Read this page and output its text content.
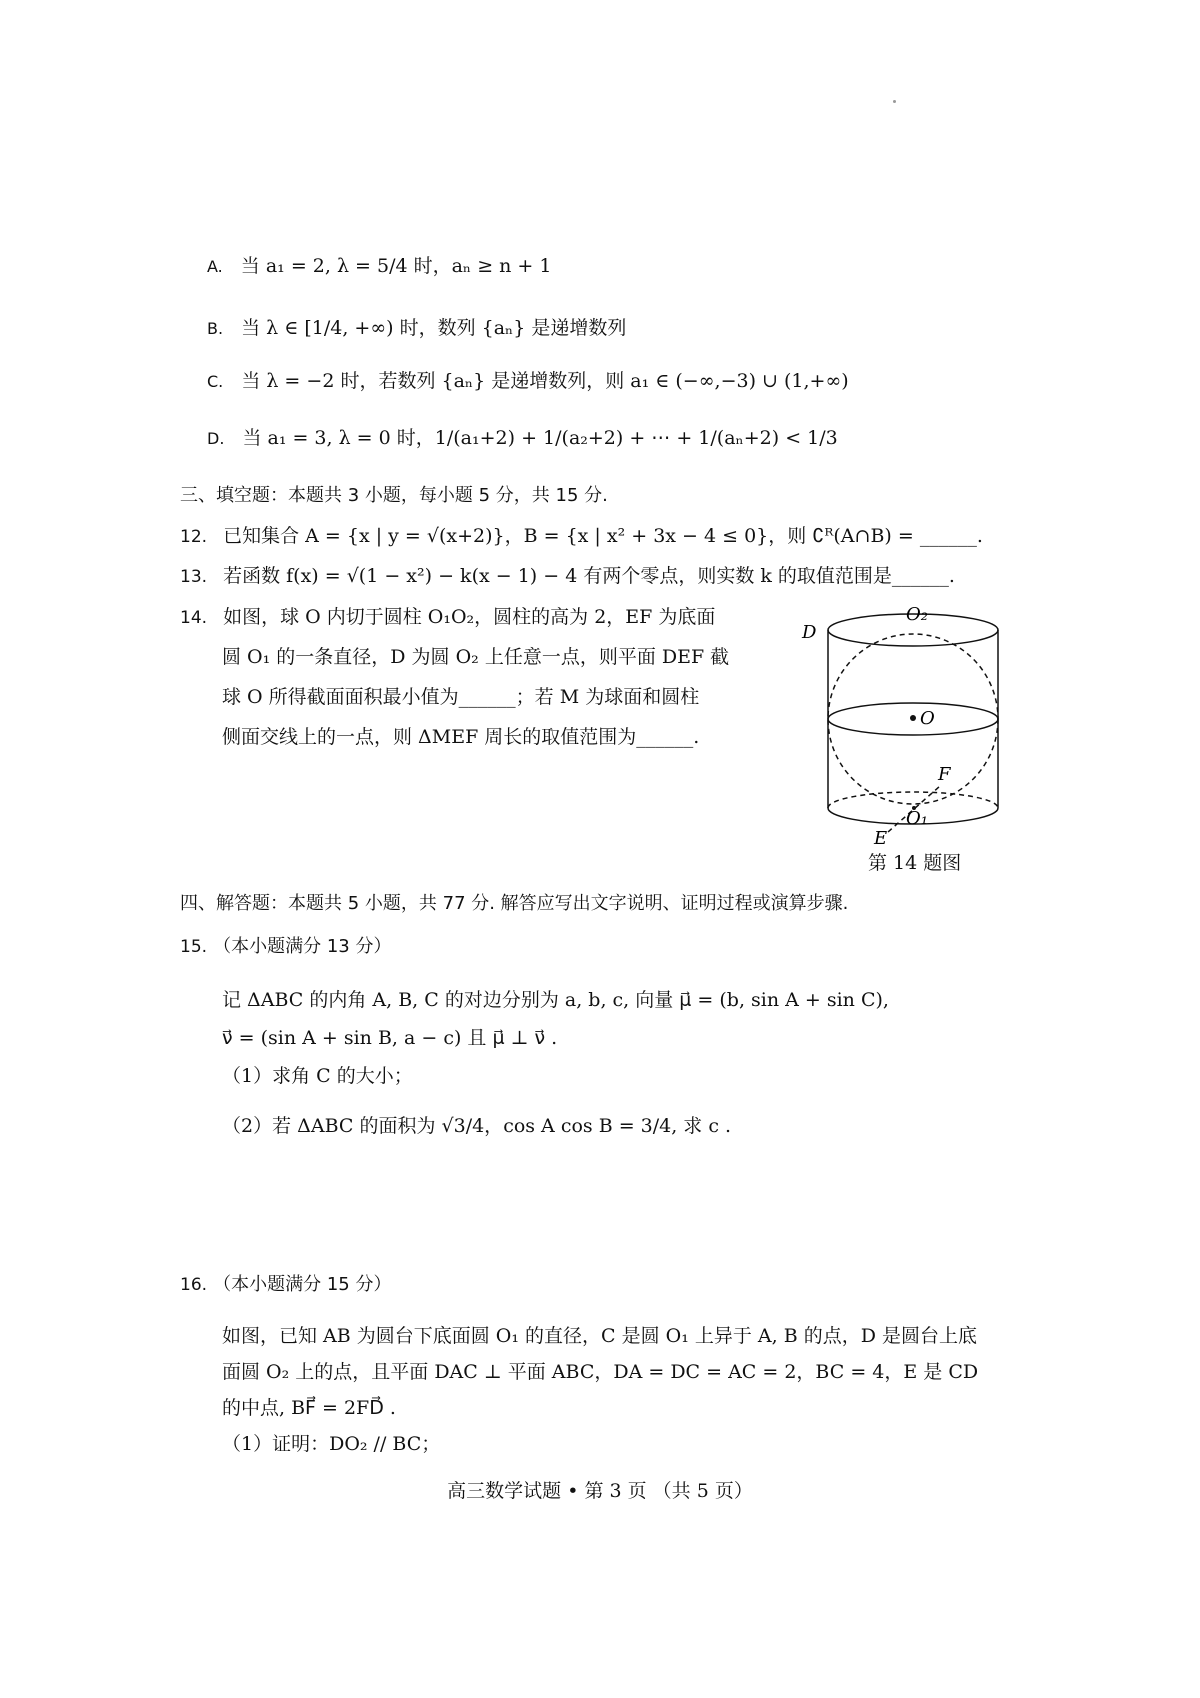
A. 当 a₁ = 2, λ = 5/4 时，aₙ ≥ n + 1
B. 当 λ ∈ [1/4, +∞) 时，数列 {aₙ} 是递增数列
C. 当 λ = −2 时，若数列 {aₙ} 是递增数列，则 a₁ ∈ (−∞,−3) ∪ (1,+∞)
D. 当 a₁ = 3, λ = 0 时，1/(a₁+2) + 1/(a₂+2) + ⋯ + 1/(aₙ+2) < 1/3
三、填空题：本题共 3 小题，每小题 5 分，共 15 分.
12. 已知集合 A = {x | y = √(x+2)}，B = {x | x² + 3x − 4 ≤ 0}，则 ∁ᴿ(A∩B) = ______.
13. 若函数 f(x) = √(1 − x²) − k(x − 1) − 4 有两个零点，则实数 k 的取值范围是______.
14. 如图，球 O 内切于圆柱 O₁O₂，圆柱的高为 2，EF 为底面
圆 O₁ 的一条直径，D 为圆 O₂ 上任意一点，则平面 DEF 截
球 O 所得截面面积最小值为______；若 M 为球面和圆柱
侧面交线上的一点，则 ΔMEF 周长的取值范围为______.
D
O₂
O
F
O₁
E
第 14 题图
四、解答题：本题共 5 小题，共 77 分. 解答应写出文字说明、证明过程或演算步骤.
15. （本小题满分 13 分）
记 ΔABC 的内角 A, B, C 的对边分别为 a, b, c, 向量 μ⃗ = (b, sin A + sin C),
ν⃗ = (sin A + sin B, a − c) 且 μ⃗ ⊥ ν⃗ .
（1）求角 C 的大小；
（2）若 ΔABC 的面积为 √3/4，cos A cos B = 3/4, 求 c .
16. （本小题满分 15 分）
如图，已知 AB 为圆台下底面圆 O₁ 的直径，C 是圆 O₁ 上异于 A, B 的点，D 是圆台上底
面圆 O₂ 上的点，且平面 DAC ⊥ 平面 ABC，DA = DC = AC = 2，BC = 4，E 是 CD
的中点, BF⃗ = 2FD⃗ .
（1）证明：DO₂ // BC；
高三数学试题 • 第 3 页 （共 5 页）
